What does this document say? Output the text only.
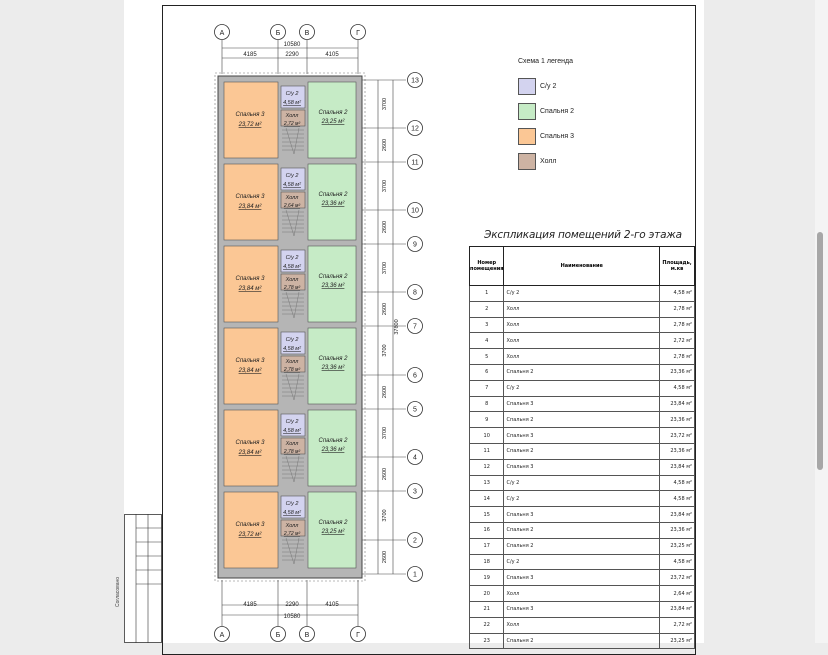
Согласовано
Спальня 3
23,72 м²
Спальня 2
23,25 м²
С/у 2
4,58 м²
Холл
2,72 м²
Спальня 3
23,84 м²
Спальня 2
23,36 м²
С/у 2
4,58 м²
Холл
2,64 м²
Спальня 3
23,84 м²
Спальня 2
23,36 м²
С/у 2
4,58 м²
Холл
2,78 м²
Спальня 3
23,84 м²
Спальня 2
23,36 м²
С/у 2
4,58 м²
Холл
2,78 м²
Спальня 3
23,84 м²
Спальня 2
23,36 м²
С/у 2
4,58 м²
Холл
2,78 м²
Спальня 3
23,72 м²
Спальня 2
23,25 м²
С/у 2
4,58 м²
Холл
2,72 м²
А
А
Б
Б
В
В
Г
Г
10580
4185	2290	4105
10580
4185	2290	4105
13
12
11
10
9
8
7
6
5
4
3
2
1
3700
2600
3700
2600
3700
2600
3700
2600
3700
2600
3700
2600
37800
Схема 1 легенда
С/у 2
Спальня 2
Спальня 3
Холл
Экспликация помещений 2-го этажа
Номер помещения	Наименование	Площадь, м.кв
1	С/у 2	4,58 м²
2	Холл	2,78 м²
3	Холл	2,78 м²
4	Холл	2,72 м²
5	Холл	2,78 м²
6	Спальня 2	23,36 м²
7	С/у 2	4,58 м²
8	Спальня 3	23,84 м²
9	Спальня 2	23,36 м²
10	Спальня 3	23,72 м²
11	Спальня 2	23,36 м²
12	Спальня 3	23,84 м²
13	С/у 2	4,58 м²
14	С/у 2	4,58 м²
15	Спальня 3	23,84 м²
16	Спальня 2	23,36 м²
17	Спальня 2	23,25 м²
18	С/у 2	4,58 м²
19	Спальня 3	23,72 м²
20	Холл	2,64 м²
21	Спальня 3	23,84 м²
22	Холл	2,72 м²
23	Спальня 2	23,25 м²
